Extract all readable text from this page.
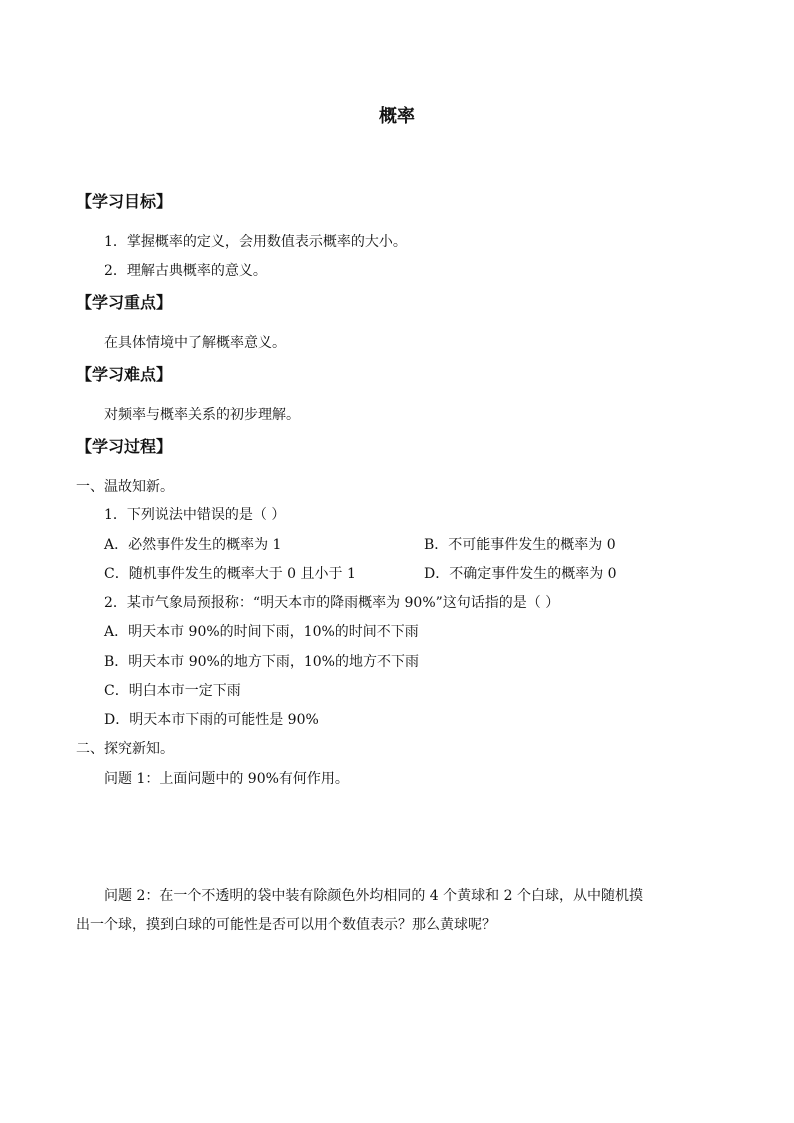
概率
【学习目标】
1．掌握概率的定义，会用数值表示概率的大小。
2．理解古典概率的意义。
【学习重点】
在具体情境中了解概率意义。
【学习难点】
对频率与概率关系的初步理解。
【学习过程】
一、温故知新。
1．下列说法中错误的是（ ）
A．必然事件发生的概率为 1	B．不可能事件发生的概率为 0
C．随机事件发生的概率大于 0 且小于 1	D．不确定事件发生的概率为 0
2．某市气象局预报称：“明天本市的降雨概率为 90%”这句话指的是（ ）
A．明天本市 90%的时间下雨，10%的时间不下雨
B．明天本市 90%的地方下雨，10%的地方不下雨
C．明白本市一定下雨
D．明天本市下雨的可能性是 90%
二、探究新知。
问题 1：上面问题中的 90%有何作用。
问题 2：在一个不透明的袋中装有除颜色外均相同的 4 个黄球和 2 个白球，从中随机摸
出一个球，摸到白球的可能性是否可以用个数值表示？那么黄球呢？
